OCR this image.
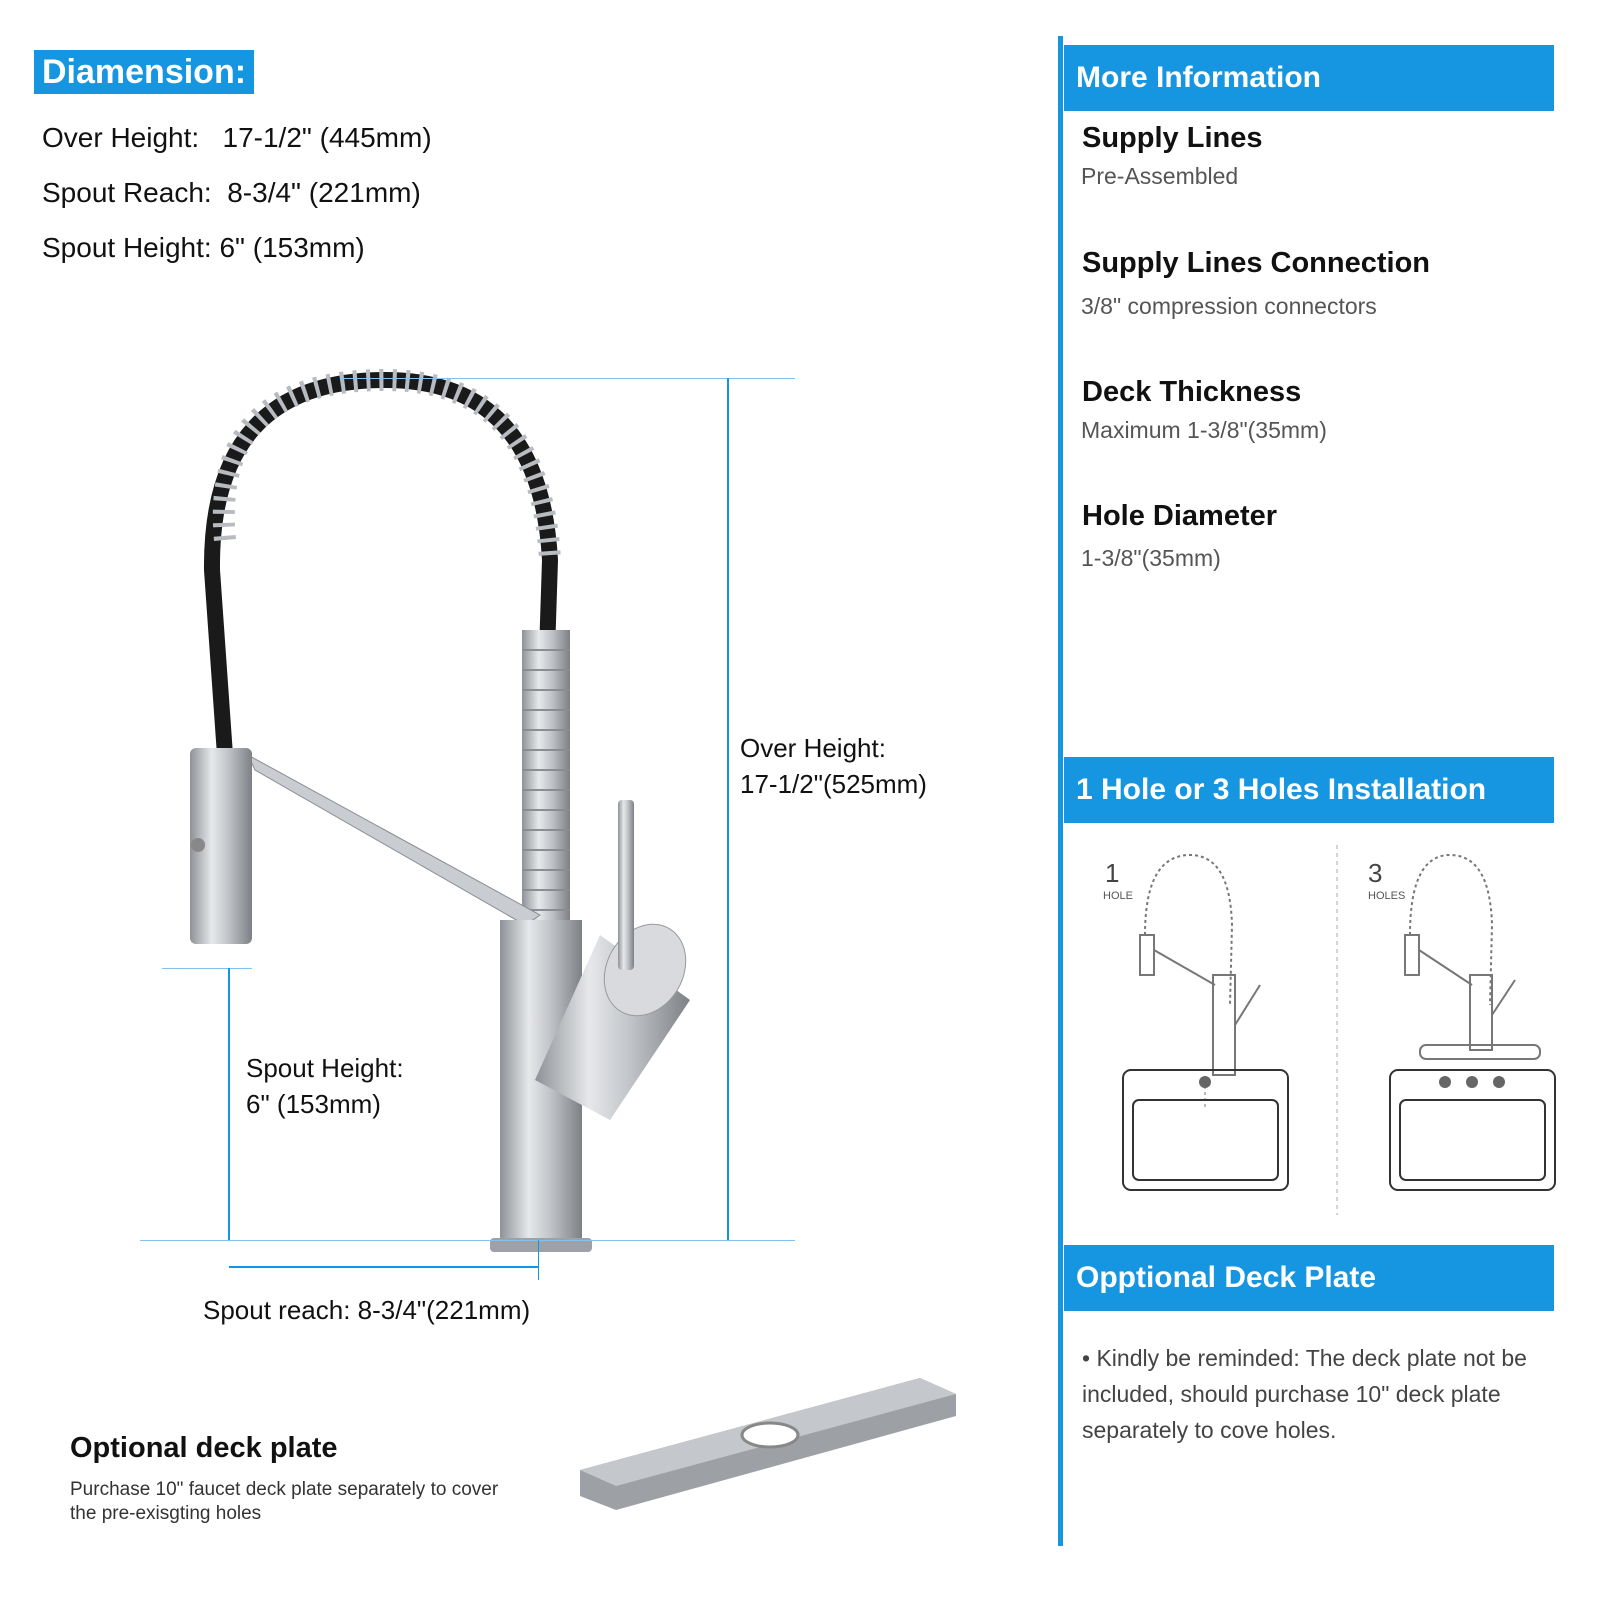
Diamension:
Over Height: 17-1/2" (445mm)
Spout Reach: 8-3/4" (221mm)
Spout Height: 6" (153mm)
Over Height:
17-1/2"(525mm)
Spout Height:
6" (153mm)
Spout reach: 8-3/4"(221mm)
Optional deck plate
Purchase 10" faucet deck plate separately to cover the pre-exisgting holes
More Information
Supply Lines
Pre-Assembled
Supply Lines Connection
3/8" compression connectors
Deck Thickness
Maximum 1-3/8"(35mm)
Hole Diameter
1-3/8"(35mm)
1 Hole or 3 Holes Installation
1
HOLE
3
HOLES
Opptional Deck Plate
• Kindly be reminded: The deck plate not be included, should purchase 10" deck plate separately to cove holes.
